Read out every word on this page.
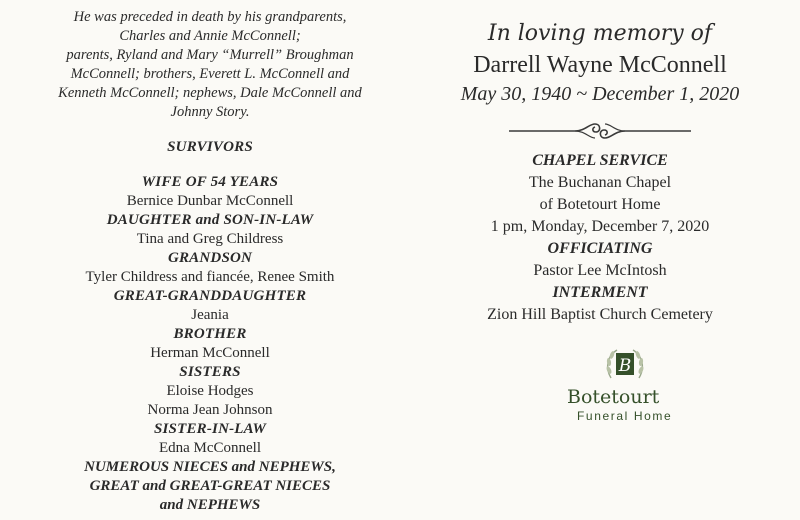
He was preceded in death by his grandparents,
Charles and Annie McConnell;
parents, Ryland and Mary “Murrell” Broughman
McConnell; brothers, Everett L. McConnell and
Kenneth McConnell; nephews, Dale McConnell and
Johnny Story.
SURVIVORS
WIFE OF 54 YEARS
Bernice Dunbar McConnell
DAUGHTER and SON-IN-LAW
Tina and Greg Childress
GRANDSON
Tyler Childress and fiancée, Renee Smith
GREAT-GRANDDAUGHTER
Jeania
BROTHER
Herman McConnell
SISTERS
Eloise Hodges
Norma Jean Johnson
SISTER-IN-LAW
Edna McConnell
NUMEROUS NIECES and NEPHEWS,
GREAT and GREAT-GREAT NIECES
and NEPHEWS
In loving memory of
Darrell Wayne McConnell
May 30, 1940 ~ December 1, 2020
CHAPEL SERVICE
The Buchanan Chapel
of Botetourt Home
1 pm, Monday, December 7, 2020
OFFICIATING
Pastor Lee McIntosh
INTERMENT
Zion Hill Baptist Church Cemetery
B
Botetourt
Funeral Home
